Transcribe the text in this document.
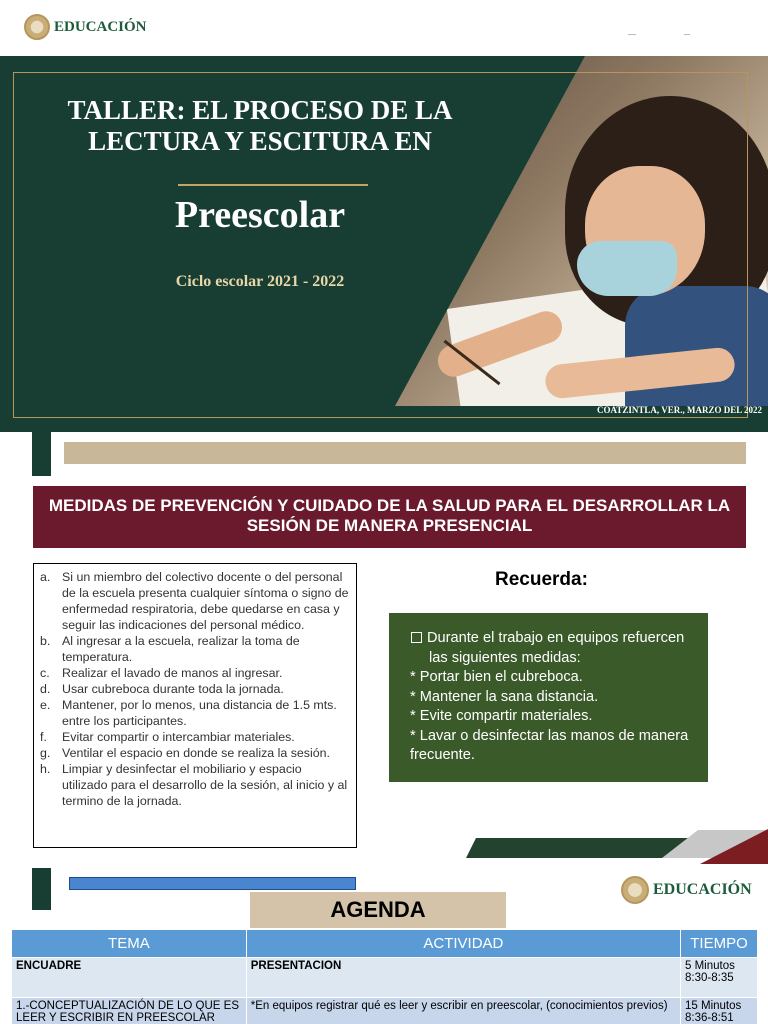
EDUCACIÓN
TALLER: EL PROCESO DE LA LECTURA Y ESCITURA EN
Preescolar
Ciclo escolar 2021 - 2022
COATZINTLA, VER., MARZO DEL 2022
MEDIDAS DE PREVENCIÓN Y CUIDADO DE LA SALUD PARA EL DESARROLLAR LA SESIÓN DE MANERA PRESENCIAL
a. Si un miembro del colectivo docente o del personal de la escuela presenta cualquier síntoma o signo de enfermedad respiratoria, debe quedarse en casa y seguir las indicaciones del personal médico.
b. Al ingresar a la escuela, realizar la toma de temperatura.
c. Realizar el lavado de manos al ingresar.
d. Usar cubreboca durante toda la jornada.
e. Mantener, por lo menos, una distancia de 1.5 mts. entre los participantes.
f.	Evitar compartir o intercambiar materiales.
g. Ventilar el espacio en donde se realiza la sesión.
h. Limpiar y desinfectar el mobiliario y espacio utilizado para el desarrollo de la sesión, al inicio y al termino de la jornada.
Recuerda:
Durante el trabajo en equipos refuercen las siguientes medidas:
* Portar bien el cubreboca.
* Mantener la sana distancia.
* Evite compartir materiales.
* Lavar o desinfectar las manos de manera frecuente.
EDUCACIÓN
AGENDA
TEMA	ACTIVIDAD	TIEMPO
ENCUADRE	PRESENTACION	5 Minutos 8:30-8:35
1.-CONCEPTUALIZACIÓN DE LO QUE ES LEER Y ESCRIBIR EN PREESCOLAR	*En equipos registrar qué es leer y escribir en preescolar, (conocimientos previos)	15 Minutos 8:36-8:51
